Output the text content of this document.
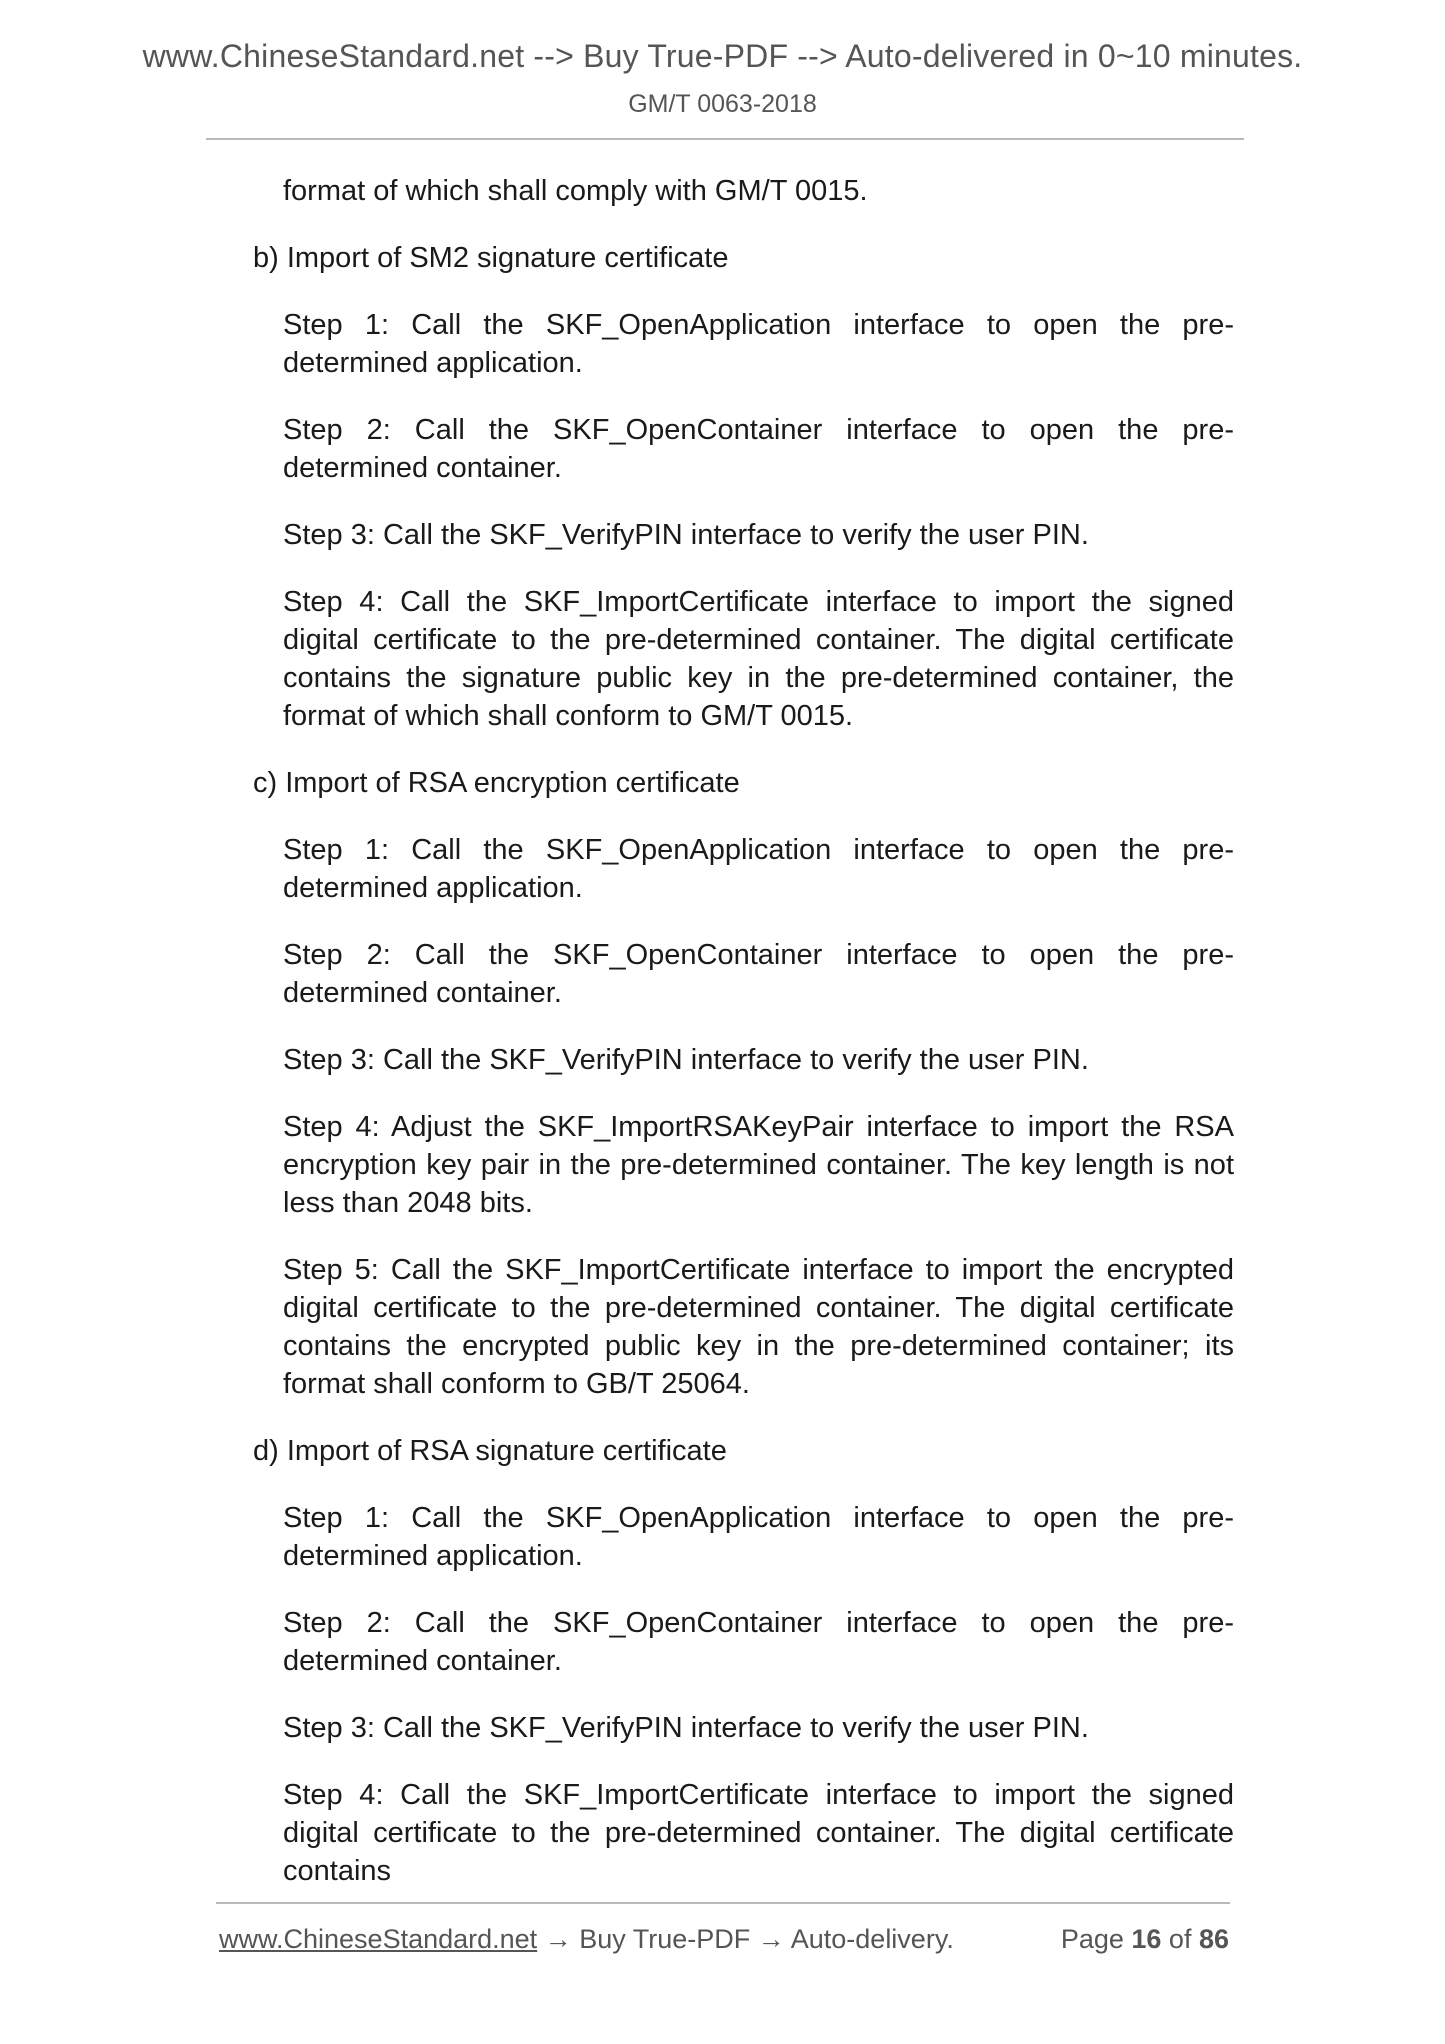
www.ChineseStandard.net --> Buy True-PDF --> Auto-delivered in 0~10 minutes.
GM/T 0063-2018
format of which shall comply with GM/T 0015.
b) Import of SM2 signature certificate
Step 1: Call the SKF_OpenApplication interface to open the pre-determined application.
Step 2: Call the SKF_OpenContainer interface to open the pre-determined container.
Step 3: Call the SKF_VerifyPIN interface to verify the user PIN.
Step 4: Call the SKF_ImportCertificate interface to import the signed digital certificate to the pre-determined container. The digital certificate contains the signature public key in the pre-determined container, the format of which shall conform to GM/T 0015.
c) Import of RSA encryption certificate
Step 1: Call the SKF_OpenApplication interface to open the pre-determined application.
Step 2: Call the SKF_OpenContainer interface to open the pre-determined container.
Step 3: Call the SKF_VerifyPIN interface to verify the user PIN.
Step 4: Adjust the SKF_ImportRSAKeyPair interface to import the RSA encryption key pair in the pre-determined container. The key length is not less than 2048 bits.
Step 5: Call the SKF_ImportCertificate interface to import the encrypted digital certificate to the pre-determined container. The digital certificate contains the encrypted public key in the pre-determined container; its format shall conform to GB/T 25064.
d) Import of RSA signature certificate
Step 1: Call the SKF_OpenApplication interface to open the pre-determined application.
Step 2: Call the SKF_OpenContainer interface to open the pre-determined container.
Step 3: Call the SKF_VerifyPIN interface to verify the user PIN.
Step 4: Call the SKF_ImportCertificate interface to import the signed digital certificate to the pre-determined container. The digital certificate contains
www.ChineseStandard.net → Buy True-PDF → Auto-delivery.	Page 16 of 86
